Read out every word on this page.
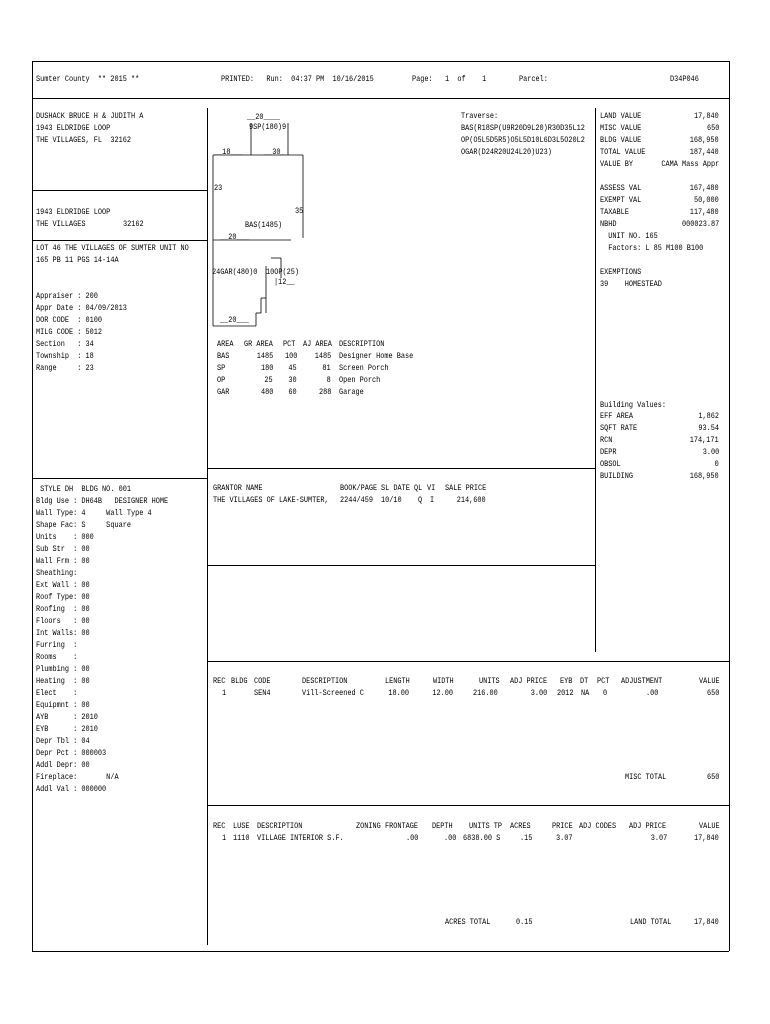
Sumter County  ** 2015 **	PRINTED:   Run:  04:37 PM  10/16/2015	Page:   1  of    1	Parcel:	D34P046
DUSHACK BRUCE H & JUDITH A
1943 ELDRIDGE LOOP
THE VILLAGES, FL  32162
1943 ELDRIDGE LOOP
THE VILLAGES	32162
LOT 46 THE VILLAGES OF SUMTER UNIT NO
165 PB 11 PGS 14-14A
Appraiser : 200
Appr Date : 04/09/2013
DOR CODE  : 0100
MILG CODE : 5012
Section   : 34
Township  : 18
Range     : 23
STYLE DH  BLDG NO. 001
Bldg Use : DH64B   DESIGNER HOME
Wall Type: 4     Wall Type 4
Shape Fac: S     Square
Units    : 000
Sub Str  : 00
Wall Frm : 00
Sheathing:
Ext Wall : 00
Roof Type: 00
Roofing  : 00
Floors   : 00
Int Walls: 00
Furring  :
Rooms    :
Plumbing : 00
Heating  : 00
Elect    :
Equipmnt : 00
AYB      : 2010
EYB      : 2010
Depr Tbl : 04
Depr Pct : 000003
Addl Depr: 00
Fireplace:       N/A
Addl Val : 000000
__20____
9SP(180)9
__18___	__30_
23
35
BAS(1485)
__20___
24GAR(480)0 10OP(25)
|12__
__20___
Traverse:
BAS(R18SP(U9R20D9L20)R30D35L12
OP(O5L5D5R5)O5L5D10L6D3L5O20L2
OGAR(D24R20U24L20)U23)
AREA GR AREA PCT AJ AREA DESCRIPTION
BAS	1485 100 1485 Designer Home Base
SP	180 45	81 Screen Porch
OP	25 30	8 Open Porch
GAR	480 60	288 Garage
LAND VALUE	17,840
MISC VALUE	650
BLDG VALUE	168,950
TOTAL VALUE	187,440
VALUE BY	CAMA Mass Appr
ASSESS VAL	167,480
EXEMPT VAL	50,000
TAXABLE	117,480
NBHD	000023.87
UNIT NO. 165
Factors: L 85 M100 B100
EXEMPTIONS
39    HOMESTEAD
Building Values:
EFF AREA	1,862
SQFT RATE	93.54
RCN	174,171
DEPR	3.00
OBSOL	0
BUILDING	168,950
GRANTOR NAME	BOOK/PAGE SL DATE QL VI SALE PRICE
THE VILLAGES OF LAKE-SUMTER, 2244/459 10/10 Q I	214,600
REC BLDG CODE	DESCRIPTION	LENGTH	WIDTH	UNITS ADJ PRICE EYB DT PCT ADJUSTMENT	VALUE
1	SEN4	Vill-Screened C	18.00	12.00	216.00	3.00 2012 NA 0	.00	650
MISC TOTAL	650
REC LUSE DESCRIPTION	ZONING FRONTAGE DEPTH UNITS TP ACRES	PRICE ADJ CODES ADJ PRICE	VALUE
1 1110 VILLAGE INTERIOR S.F.	.00	.00 6838.00 S .15	3.07	3.07	17,840
ACRES TOTAL	0.15	LAND TOTAL	17,840
